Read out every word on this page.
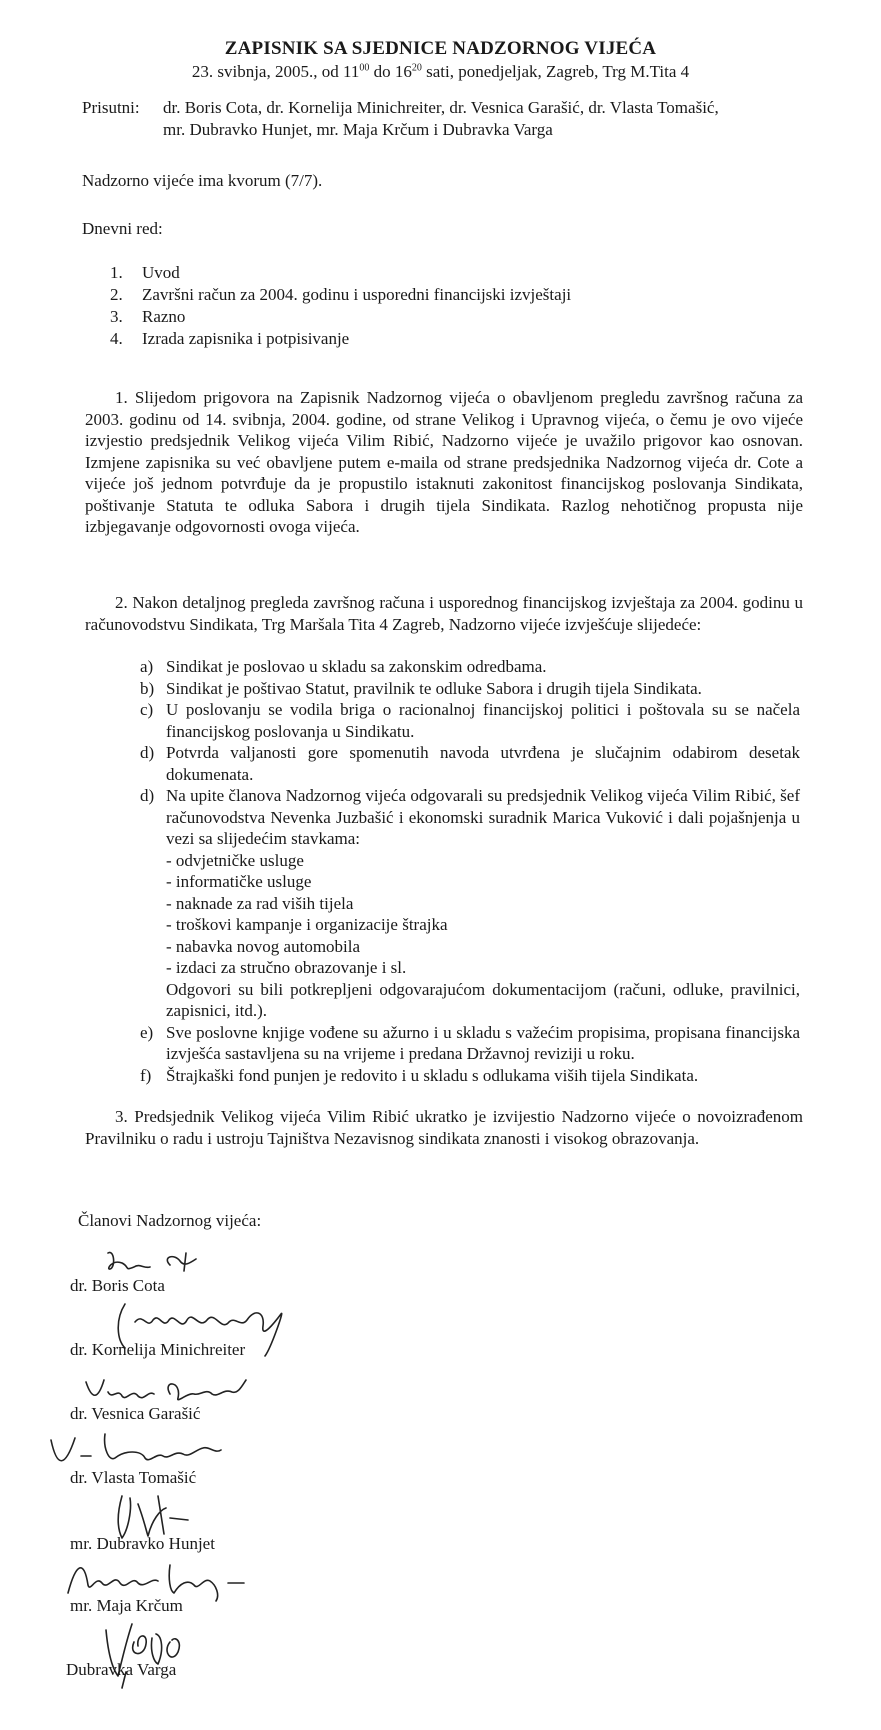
ZAPISNIK SA SJEDNICE NADZORNOG VIJEĆA
23. svibnja, 2005., od $11^{00}$ do $16^{20}$ sati, ponedjeljak, Zagreb, Trg M.Tita 4
Prisutni: dr. Boris Cota, dr. Kornelija Minichreiter, dr. Vesnica Garašić, dr. Vlasta Tomašić,
mr. Dubravko Hunjet, mr. Maja Krčum i Dubravka Varga
Nadzorno vijeće ima kvorum (7/7).
Dnevni red:
1.	Uvod
2.	Završni račun za 2004. godinu i usporedni financijski izvještaji
3.	Razno
4.	Izrada zapisnika i potpisivanje
1. Slijedom prigovora na Zapisnik Nadzornog vijeća o obavljenom pregledu završnog računa za 2003. godinu od 14. svibnja, 2004. godine, od strane Velikog i Upravnog vijeća, o čemu je ovo vijeće izvjestio predsjednik Velikog vijeća Vilim Ribić, Nadzorno vijeće je uvažilo prigovor kao osnovan. Izmjene zapisnika su već obavljene putem e-maila od strane predsjednika Nadzornog vijeća dr. Cote a vijeće još jednom potvrđuje da je propustilo istaknuti zakonitost financijskog poslovanja Sindikata, poštivanje Statuta te odluka Sabora i drugih tijela Sindikata. Razlog nehotičnog propusta nije izbjegavanje odgovornosti ovoga vijeća.
2. Nakon detaljnog pregleda završnog računa i usporednog financijskog izvještaja za 2004. godinu u računovodstvu Sindikata, Trg Maršala Tita 4 Zagreb, Nadzorno vijeće izvješćuje slijedeće:
a) Sindikat je poslovao u skladu sa zakonskim odredbama.
b) Sindikat je poštivao Statut, pravilnik te odluke Sabora i drugih tijela Sindikata.
c) U poslovanju se vodila briga o racionalnoj financijskoj politici i poštovala su se načela financijskog poslovanja u Sindikatu.
d) Potvrda valjanosti gore spomenutih navoda utvrđena je slučajnim odabirom desetak dokumenata.
d) Na upite članova Nadzornog vijeća odgovarali su predsjednik Velikog vijeća Vilim Ribić, šef računovodstva Nevenka Juzbašić i ekonomski suradnik Marica Vuković i dali pojašnjenja u vezi sa slijedećim stavkama:
- odvjetničke usluge
- informatičke usluge
- naknade za rad viših tijela
- troškovi kampanje i organizacije štrajka
- nabavka novog automobila
- izdaci za stručno obrazovanje i sl.
Odgovori su bili potkrepljeni odgovarajućom dokumentacijom (računi, odluke, pravilnici, zapisnici, itd.).
e) Sve poslovne knjige vođene su ažurno i u skladu s važećim propisima, propisana financijska izvješća sastavljena su na vrijeme i predana Državnoj reviziji u roku.
f) Štrajkaški fond punjen je redovito i u skladu s odlukama viših tijela Sindikata.
3. Predsjednik Velikog vijeća Vilim Ribić ukratko je izvijestio Nadzorno vijeće o novoizrađenom Pravilniku o radu i ustroju Tajništva Nezavisnog sindikata znanosti i visokog obrazovanja.
Članovi Nadzornog vijeća:
dr. Boris Cota
dr. Kornelija Minichreiter
dr. Vesnica Garašić
dr. Vlasta Tomašić
mr. Dubravko Hunjet
mr. Maja Krčum
Dubravka Varga
